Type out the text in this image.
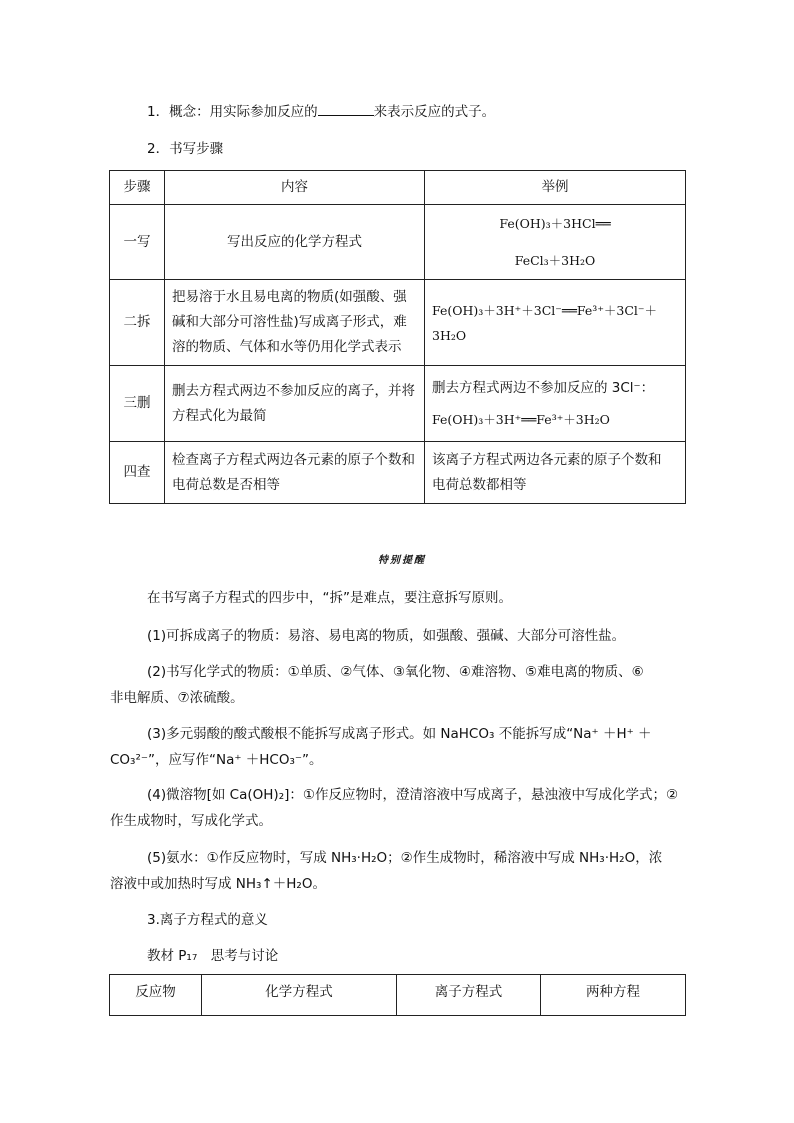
1．概念：用实际参加反应的	来表示反应的式子。
2．书写步骤
步骤	内容	举例
一写	写出反应的化学方程式	Fe(OH)₃＋3HCl══
FeCl₃＋3H₂O

二拆	把易溶于水且易电离的物质(如强酸、强碱和大部分可溶性盐)写成离子形式，难溶的物质、气体和水等仍用化学式表示	Fe(OH)₃＋3H⁺＋3Cl⁻══Fe³⁺＋3Cl⁻＋
3H₂O

三删	删去方程式两边不参加反应的离子，并将方程式化为最简	删去方程式两边不参加反应的 3Cl⁻：
Fe(OH)₃＋3H⁺══Fe³⁺＋3H₂O

四查	检查离子方程式两边各元素的原子个数和电荷总数是否相等	该离子方程式两边各元素的原子个数和
电荷总数都相等
特别提醒
在书写离子方程式的四步中，“拆”是难点，要注意拆写原则。
(1)可拆成离子的物质：易溶、易电离的物质，如强酸、强碱、大部分可溶性盐。
(2)书写化学式的物质：①单质、②气体、③氧化物、④难溶物、⑤难电离的物质、⑥
非电解质、⑦浓硫酸。
(3)多元弱酸的酸式酸根不能拆写成离子形式。如 NaHCO₃ 不能拆写成“Na⁺ ＋H⁺ ＋
CO₃²⁻”，应写作“Na⁺ ＋HCO₃⁻”。
(4)微溶物[如 Ca(OH)₂]：①作反应物时，澄清溶液中写成离子，悬浊液中写成化学式；②
作生成物时，写成化学式。
(5)氨水：①作反应物时，写成 NH₃·H₂O；②作生成物时，稀溶液中写成 NH₃·H₂O，浓
溶液中或加热时写成 NH₃↑＋H₂O。
3.离子方程式的意义
教材 P₁₇　思考与讨论
反应物	化学方程式	离子方程式	两种方程
